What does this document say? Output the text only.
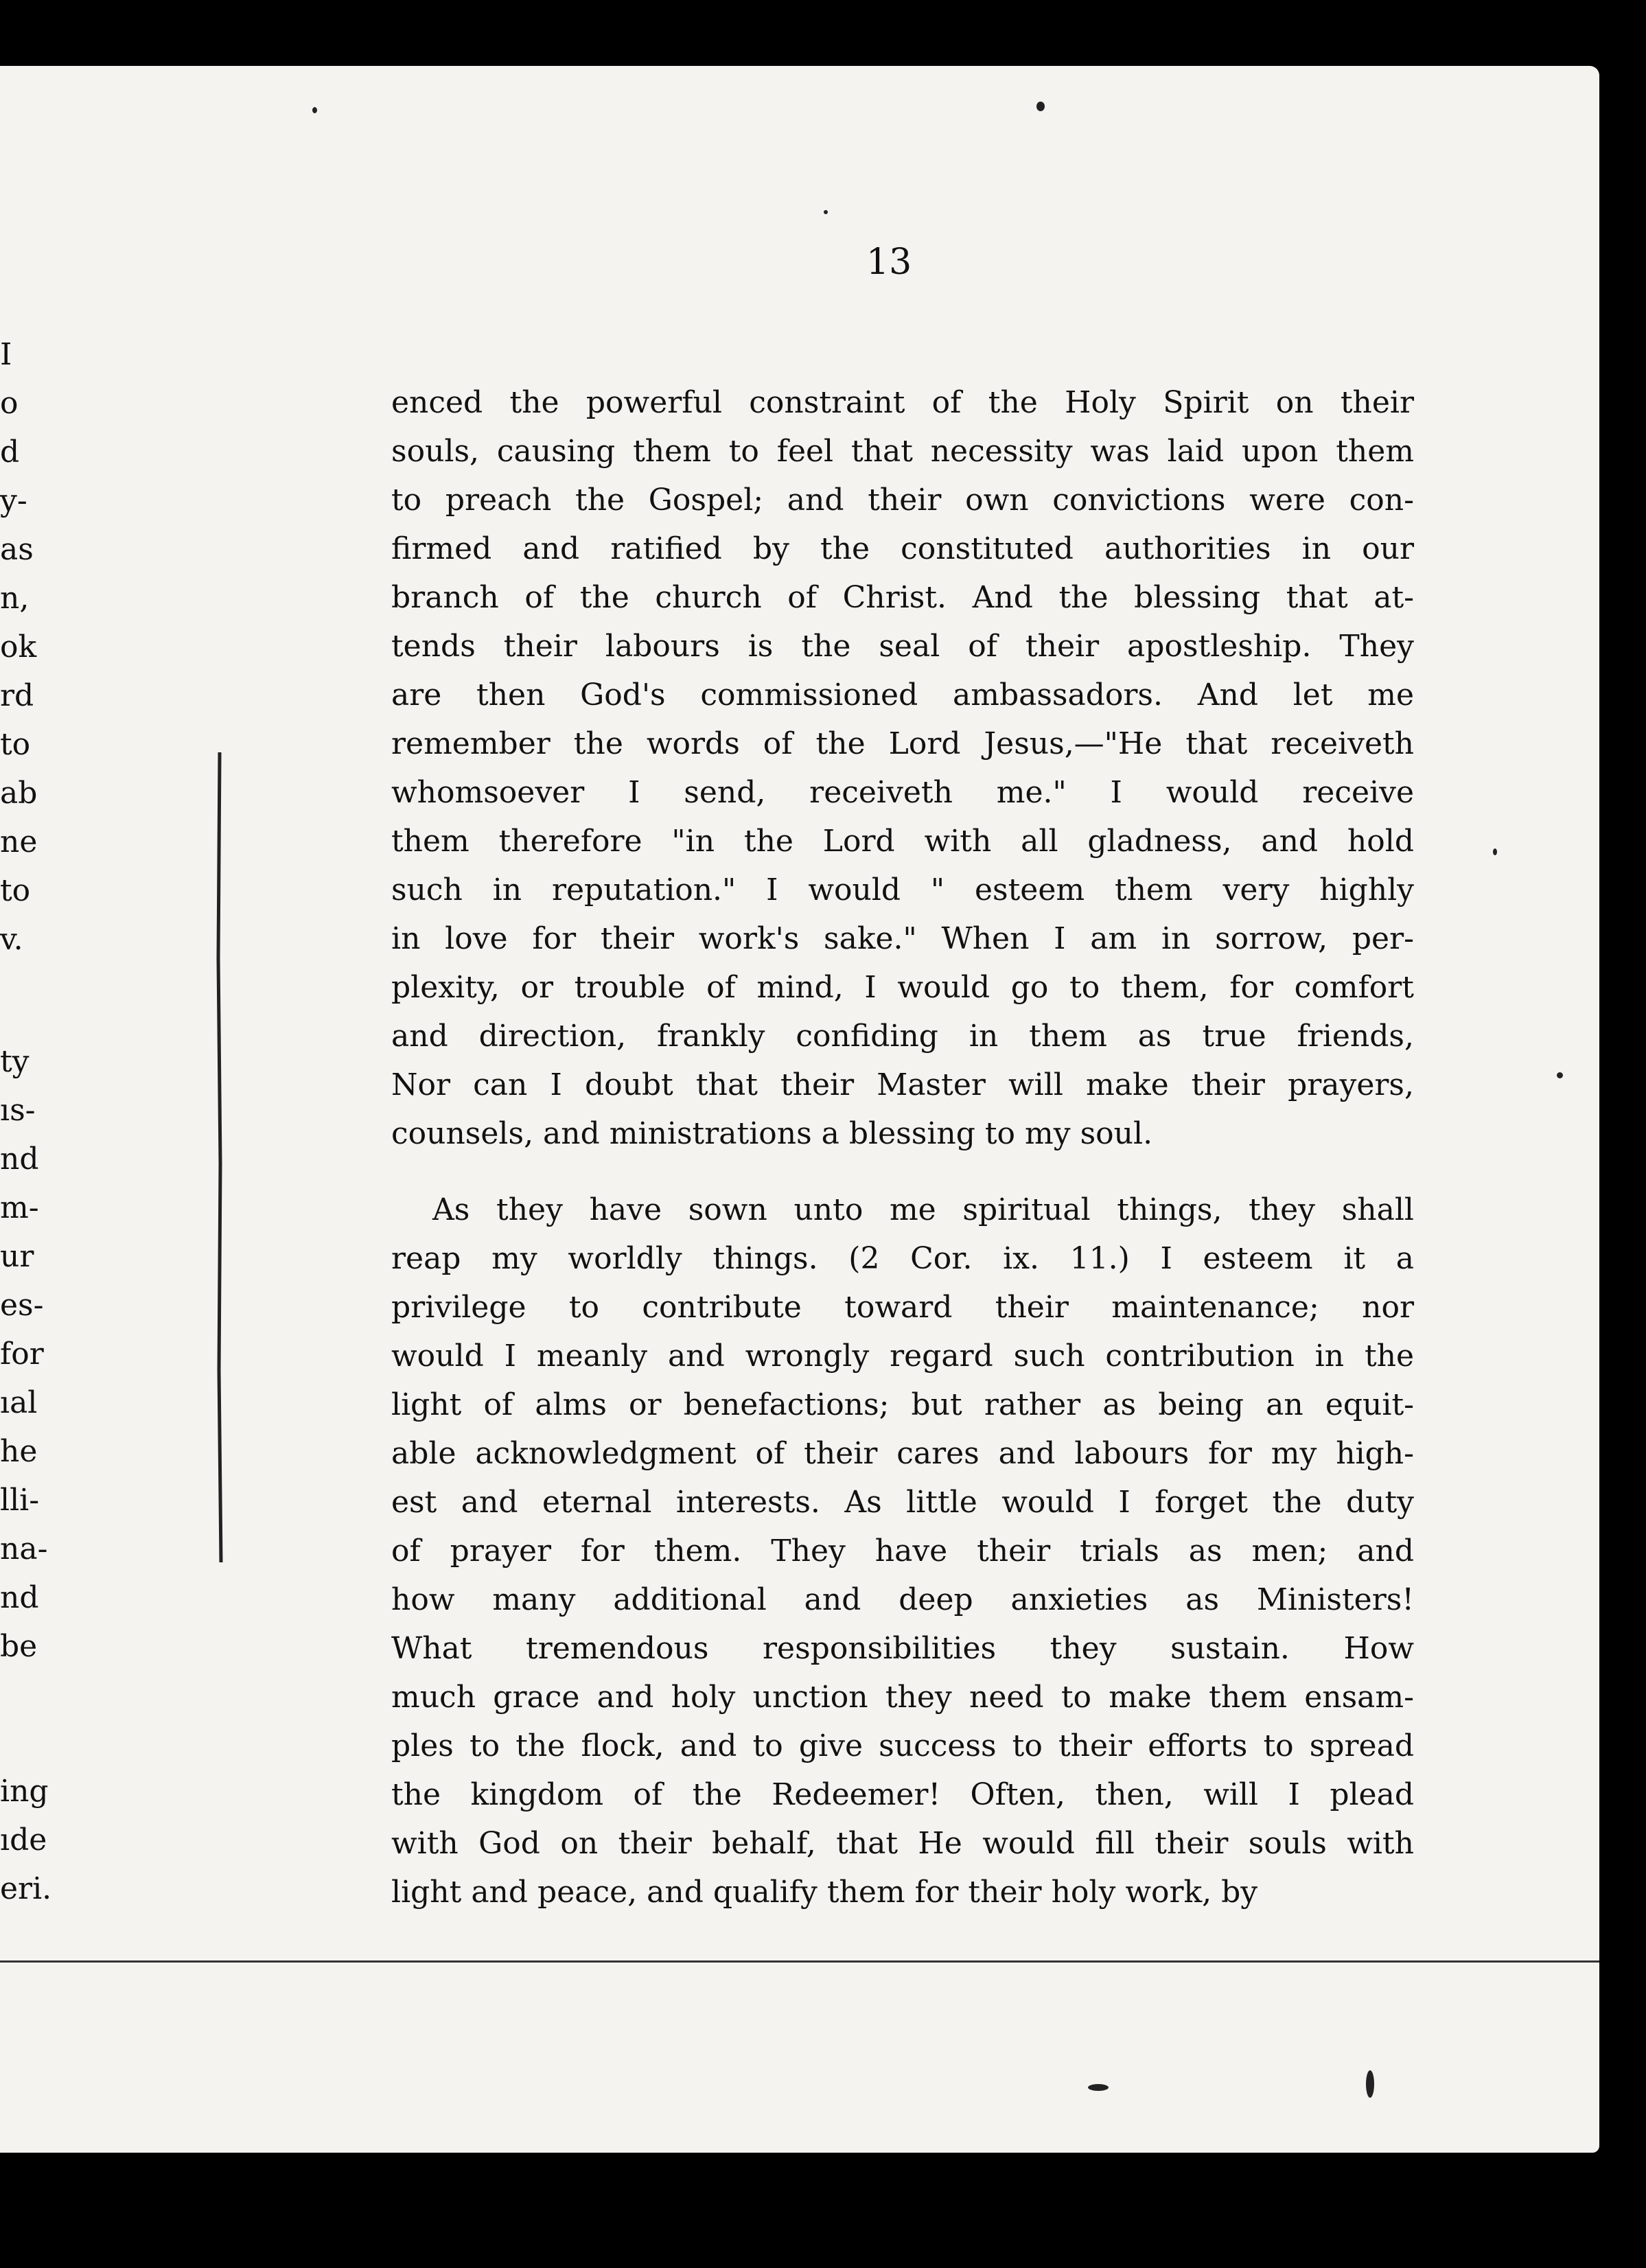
I
o
d
y-
as
n,
ok
rd
to
ab
ne
to
v.
ty
ıs-
nd
m-
ur
es-
for
ıal
he
lli-
na-
nd
be
ing
ıde
eri.
13
enced the powerful constraint of the Holy Spirit on their
souls, causing them to feel that necessity was laid upon them
to preach the Gospel; and their own convictions were con-
firmed and ratified by the constituted authorities in our
branch of the church of Christ. And the blessing that at-
tends their labours is the seal of their apostleship. They
are then God's commissioned ambassadors. And let me
remember the words of the Lord Jesus,—"He that receiveth
whomsoever I send, receiveth me." I would receive
them therefore "in the Lord with all gladness, and hold
such in reputation." I would " esteem them very highly
in love for their work's sake." When I am in sorrow, per-
plexity, or trouble of mind, I would go to them, for comfort
and direction, frankly confiding in them as true friends,
Nor can I doubt that their Master will make their prayers,
counsels, and ministrations a blessing to my soul.
As they have sown unto me spiritual things, they shall
reap my worldly things. (2 Cor. ix. 11.) I esteem it a
privilege to contribute toward their maintenance; nor
would I meanly and wrongly regard such contribution in the
light of alms or benefactions; but rather as being an equit-
able acknowledgment of their cares and labours for my high-
est and eternal interests. As little would I forget the duty
of prayer for them. They have their trials as men; and
how many additional and deep anxieties as Ministers!
What tremendous responsibilities they sustain. How
much grace and holy unction they need to make them ensam-
ples to the flock, and to give success to their efforts to spread
the kingdom of the Redeemer! Often, then, will I plead
with God on their behalf, that He would fill their souls with
light and peace, and qualify them for their holy work, by
